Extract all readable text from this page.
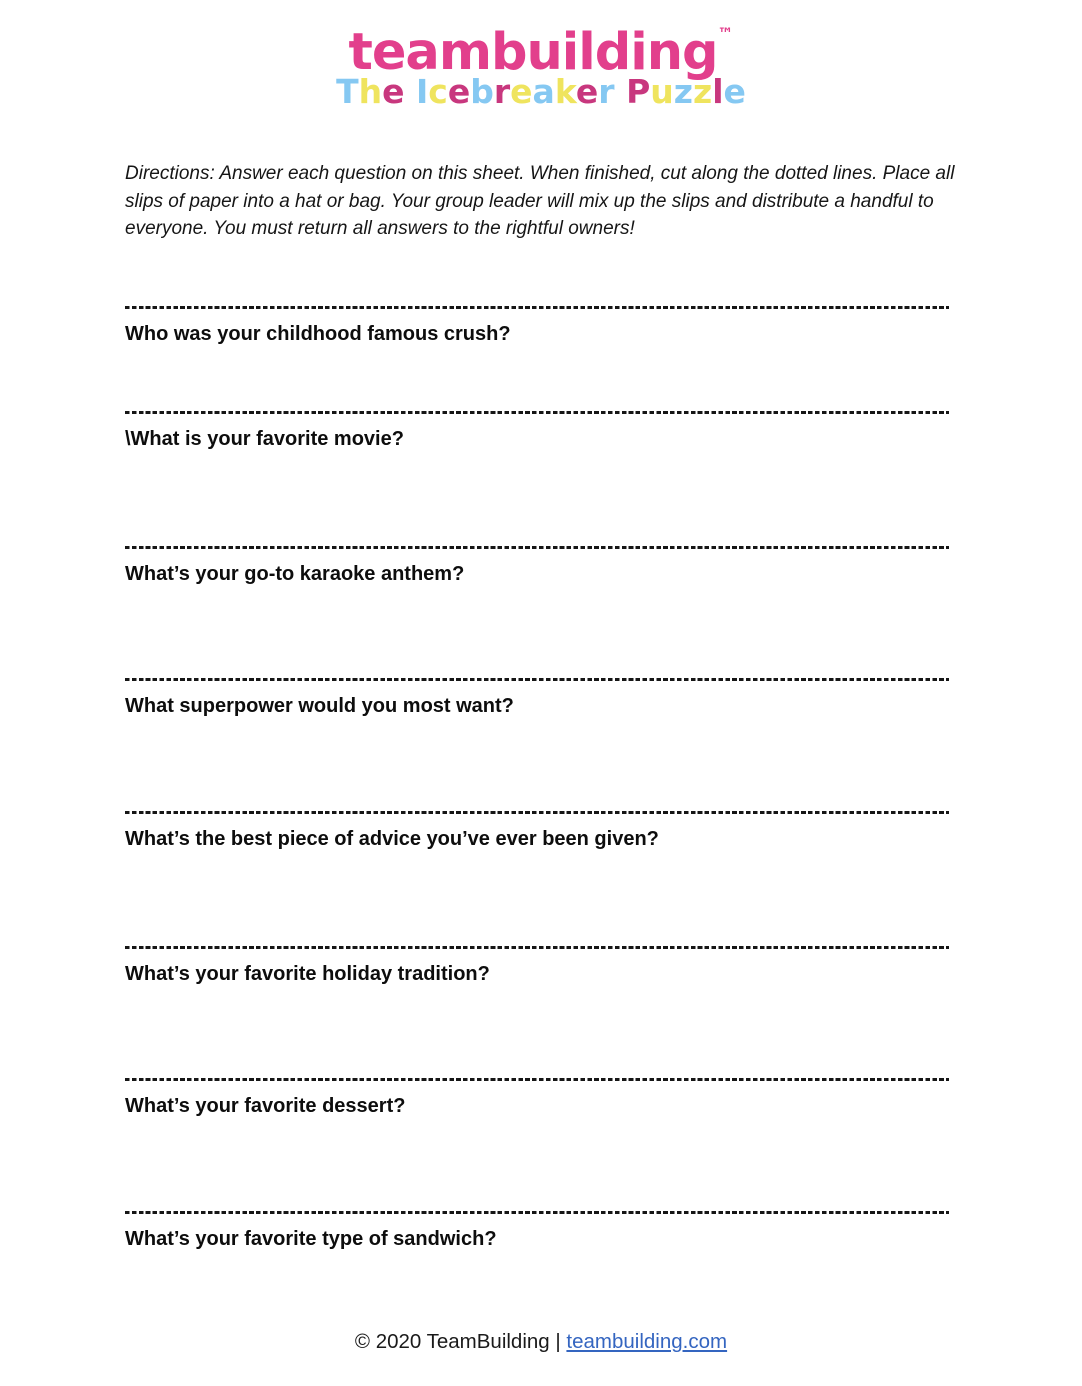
teambuilding™
The Icebreaker Puzzle
Directions: Answer each question on this sheet. When finished, cut along the dotted lines. Place all slips of paper into a hat or bag. Your group leader will mix up the slips and distribute a handful to everyone. You must return all answers to the rightful owners!
Who was your childhood famous crush?
\What is your favorite movie?
What’s your go-to karaoke anthem?
What superpower would you most want?
What’s the best piece of advice you’ve ever been given?
What’s your favorite holiday tradition?
What’s your favorite dessert?
What’s your favorite type of sandwich?
© 2020 TeamBuilding | teambuilding.com
